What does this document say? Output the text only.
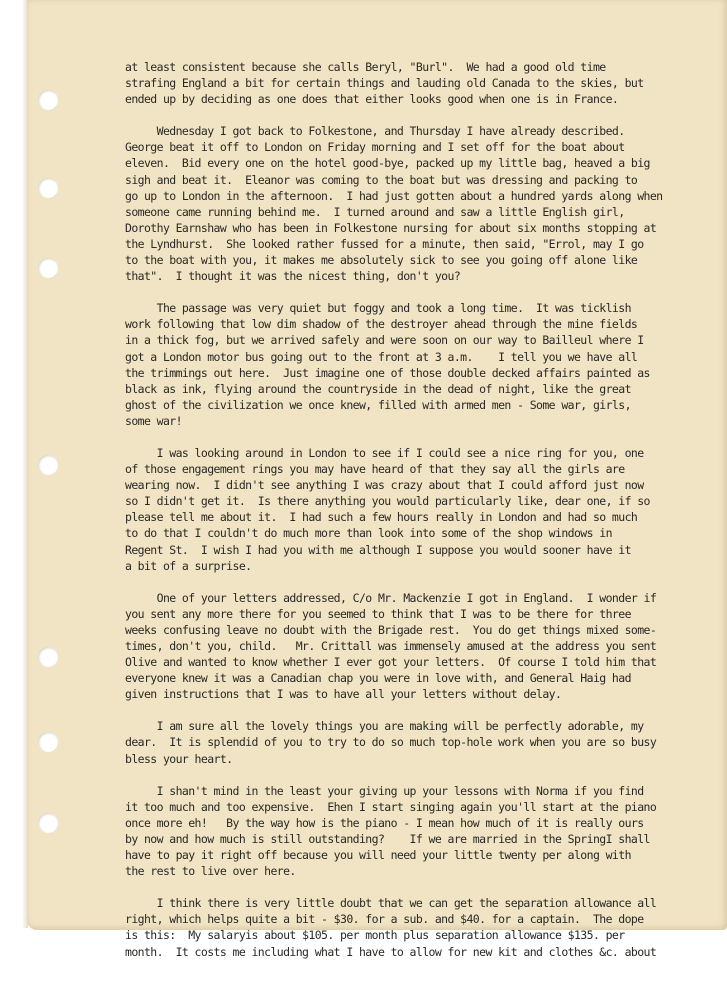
at least consistent because she calls Beryl, "Burl".  We had a good old time
strafing England a bit for certain things and lauding old Canada to the skies, but
ended up by deciding as one does that either looks good when one is in France.

Wednesday I got back to Folkestone, and Thursday I have already described.
George beat it off to London on Friday morning and I set off for the boat about
eleven.  Bid every one on the hotel good-bye, packed up my little bag, heaved a big
sigh and beat it.  Eleanor was coming to the boat but was dressing and packing to
go up to London in the afternoon.  I had just gotten about a hundred yards along when
someone came running behind me.  I turned around and saw a little English girl,
Dorothy Earnshaw who has been in Folkestone nursing for about six months stopping at
the Lyndhurst.  She looked rather fussed for a minute, then said, "Errol, may I go
to the boat with you, it makes me absolutely sick to see you going off alone like
that".  I thought it was the nicest thing, don't you?

The passage was very quiet but foggy and took a long time.  It was ticklish
work following that low dim shadow of the destroyer ahead through the mine fields
in a thick fog, but we arrived safely and were soon on our way to Bailleul where I
got a London motor bus going out to the front at 3 a.m.    I tell you we have all
the trimmings out here.  Just imagine one of those double decked affairs painted as
black as ink, flying around the countryside in the dead of night, like the great
ghost of the civilization we once knew, filled with armed men - Some war, girls,
some war!

I was looking around in London to see if I could see a nice ring for you, one
of those engagement rings you may have heard of that they say all the girls are
wearing now.  I didn't see anything I was crazy about that I could afford just now
so I didn't get it.  Is there anything you would particularly like, dear one, if so
please tell me about it.  I had such a few hours really in London and had so much
to do that I couldn't do much more than look into some of the shop windows in
Regent St.  I wish I had you with me although I suppose you would sooner have it
a bit of a surprise.

One of your letters addressed, C/o Mr. Mackenzie I got in England.  I wonder if
you sent any more there for you seemed to think that I was to be there for three
weeks confusing leave no doubt with the Brigade rest.  You do get things mixed some-
times, don't you, child.   Mr. Crittall was immensely amused at the address you sent
Olive and wanted to know whether I ever got your letters.  Of course I told him that
everyone knew it was a Canadian chap you were in love with, and General Haig had
given instructions that I was to have all your letters without delay.

I am sure all the lovely things you are making will be perfectly adorable, my
dear.  It is splendid of you to try to do so much top-hole work when you are so busy
bless your heart.

I shan't mind in the least your giving up your lessons with Norma if you find
it too much and too expensive.  Ehen I start singing again you'll start at the piano
once more eh!   By the way how is the piano - I mean how much of it is really ours
by now and how much is still outstanding?    If we are married in the SpringI shall
have to pay it right off because you will need your little twenty per along with
the rest to live over here.

I think there is very little doubt that we can get the separation allowance all
right, which helps quite a bit - $30. for a sub. and $40. for a captain.  The dope
is this:  My salaryis about $105. per month plus separation allowance $135. per
month.  It costs me including what I have to allow for new kit and clothes &c. about
